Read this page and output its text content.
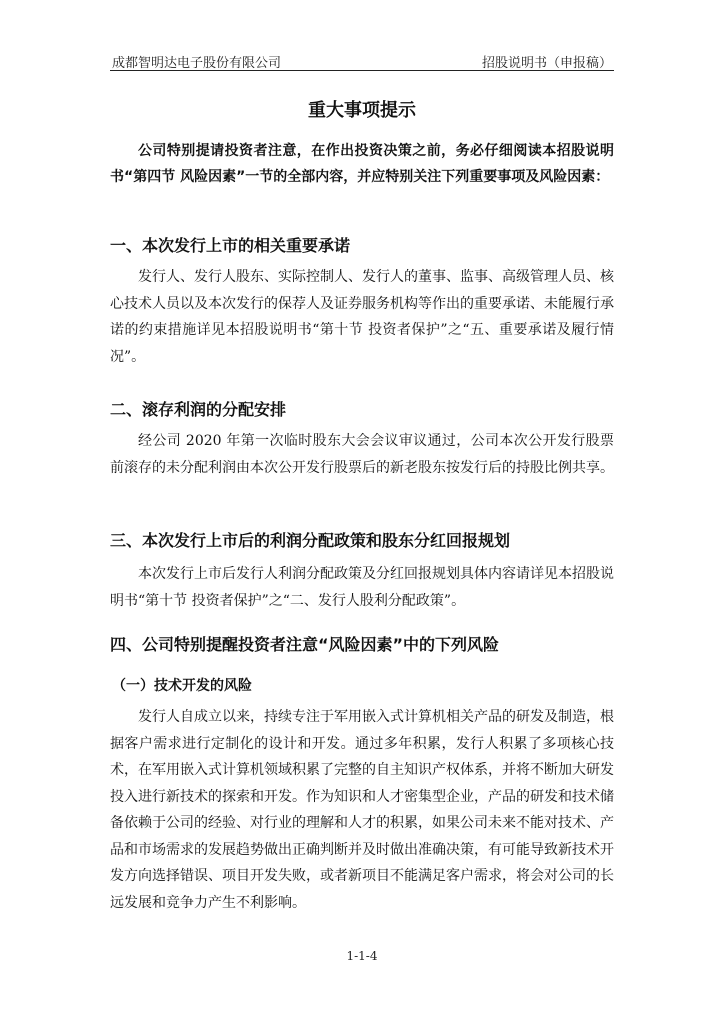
成都智明达电子股份有限公司	招股说明书（申报稿）
重大事项提示

公司特别提请投资者注意，在作出投资决策之前，务必仔细阅读本招股说明书“第四节 风险因素”一节的全部内容，并应特别关注下列重要事项及风险因素：

一、本次发行上市的相关重要承诺

发行人、发行人股东、实际控制人、发行人的董事、监事、高级管理人员、核心技术人员以及本次发行的保荐人及证券服务机构等作出的重要承诺、未能履行承诺的约束措施详见本招股说明书“第十节 投资者保护”之“五、重要承诺及履行情况”。

二、滚存利润的分配安排

经公司 2020 年第一次临时股东大会会议审议通过，公司本次公开发行股票前滚存的未分配利润由本次公开发行股票后的新老股东按发行后的持股比例共享。

三、本次发行上市后的利润分配政策和股东分红回报规划

本次发行上市后发行人利润分配政策及分红回报规划具体内容请详见本招股说明书“第十节 投资者保护”之“二、发行人股利分配政策”。

四、公司特别提醒投资者注意“风险因素”中的下列风险
（一）技术开发的风险

发行人自成立以来，持续专注于军用嵌入式计算机相关产品的研发及制造，根据客户需求进行定制化的设计和开发。通过多年积累，发行人积累了多项核心技术，在军用嵌入式计算机领域积累了完整的自主知识产权体系，并将不断加大研发投入进行新技术的探索和开发。作为知识和人才密集型企业，产品的研发和技术储备依赖于公司的经验、对行业的理解和人才的积累，如果公司未来不能对技术、产品和市场需求的发展趋势做出正确判断并及时做出准确决策，有可能导致新技术开发方向选择错误、项目开发失败，或者新项目不能满足客户需求，将会对公司的长远发展和竞争力产生不利影响。

1-1-4
